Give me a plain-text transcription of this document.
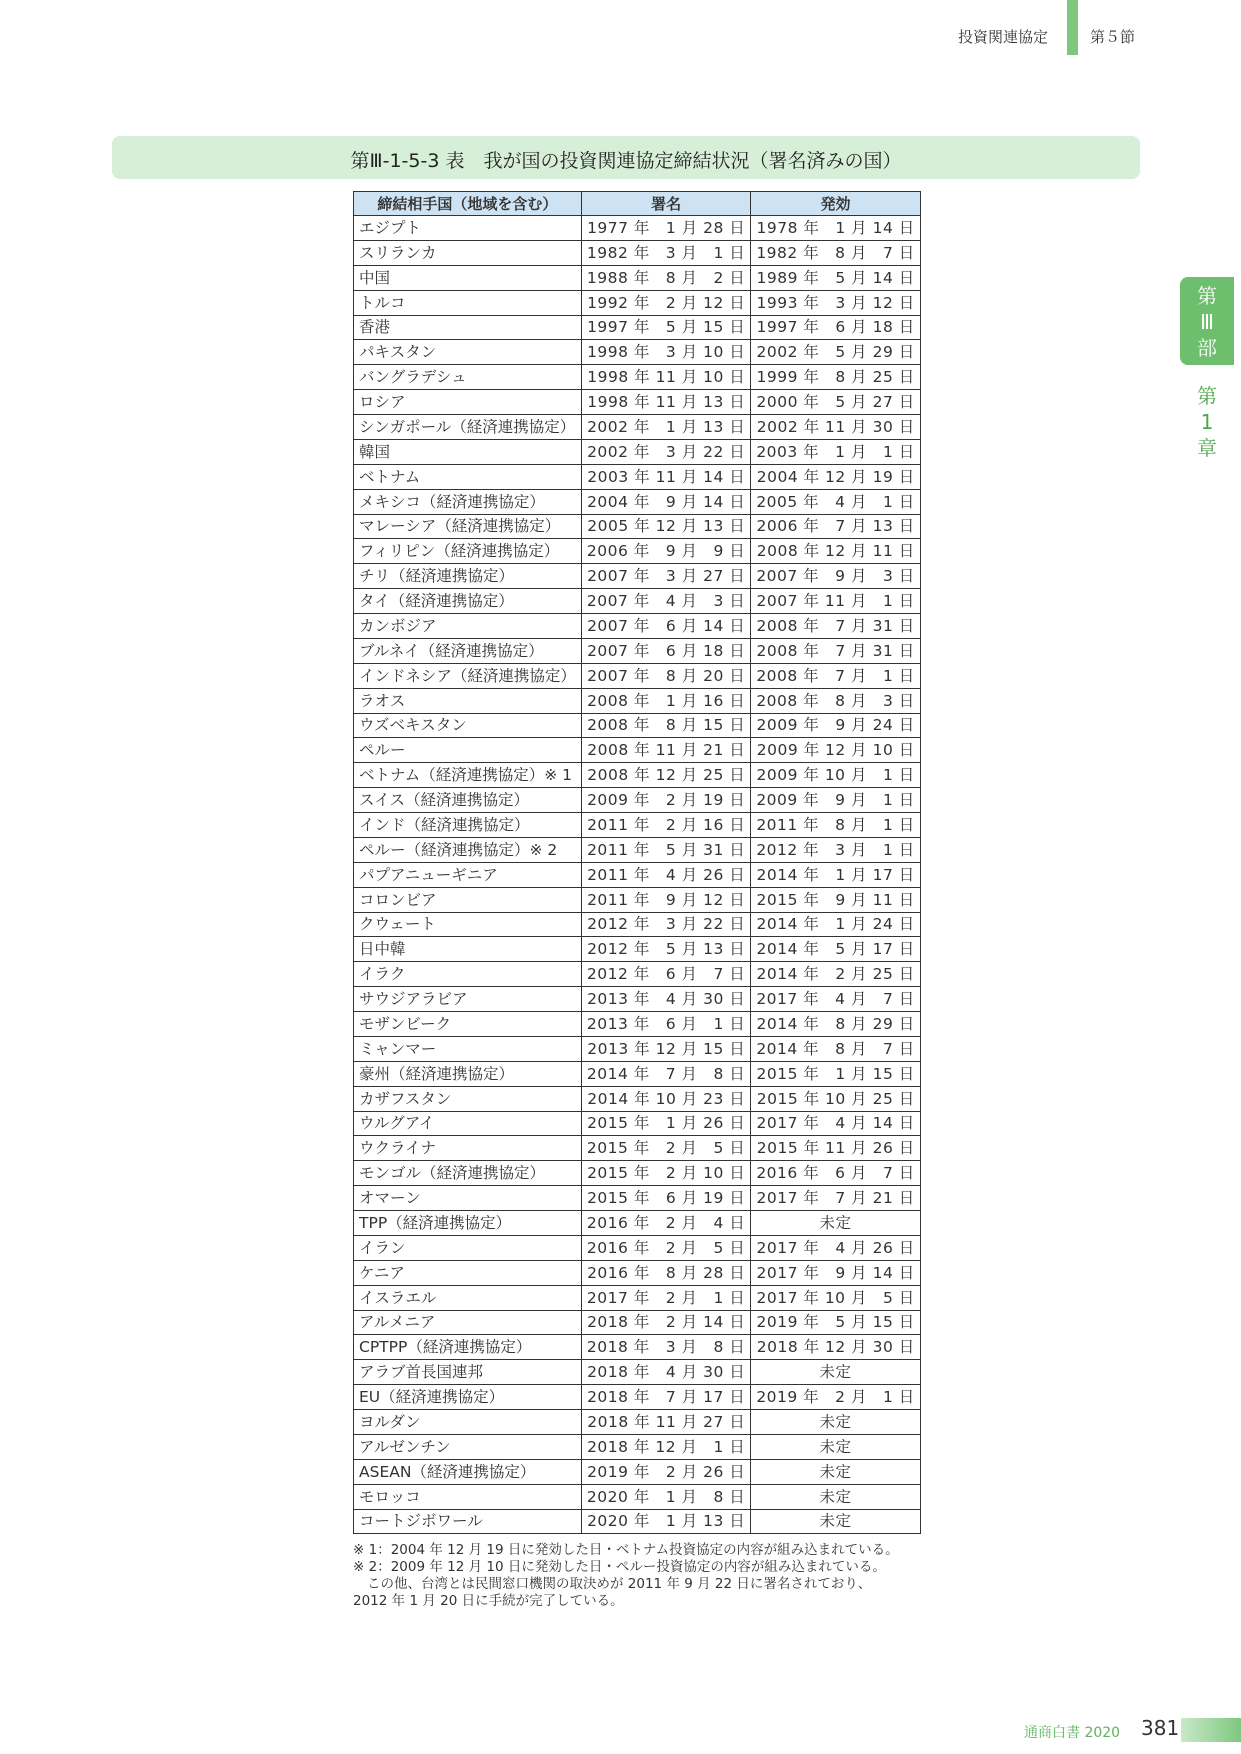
投資関連協定	第５節
第Ⅲ-1-5-3 表　我が国の投資関連協定締結状況（署名済みの国）
第
Ⅲ
部
第
1
章
締結相手国（地域を含む）	署名	発効
エジプト	1977 年　1 月 28 日	1978 年　1 月 14 日
スリランカ	1982 年　3 月　1 日	1982 年　8 月　7 日
中国	1988 年　8 月　2 日	1989 年　5 月 14 日
トルコ	1992 年　2 月 12 日	1993 年　3 月 12 日
香港	1997 年　5 月 15 日	1997 年　6 月 18 日
パキスタン	1998 年　3 月 10 日	2002 年　5 月 29 日
バングラデシュ	1998 年 11 月 10 日	1999 年　8 月 25 日
ロシア	1998 年 11 月 13 日	2000 年　5 月 27 日
シンガポール（経済連携協定）	2002 年　1 月 13 日	2002 年 11 月 30 日
韓国	2002 年　3 月 22 日	2003 年　1 月　1 日
ベトナム	2003 年 11 月 14 日	2004 年 12 月 19 日
メキシコ（経済連携協定）	2004 年　9 月 14 日	2005 年　4 月　1 日
マレーシア（経済連携協定）	2005 年 12 月 13 日	2006 年　7 月 13 日
フィリピン（経済連携協定）	2006 年　9 月　9 日	2008 年 12 月 11 日
チリ（経済連携協定）	2007 年　3 月 27 日	2007 年　9 月　3 日
タイ（経済連携協定）	2007 年　4 月　3 日	2007 年 11 月　1 日
カンボジア	2007 年　6 月 14 日	2008 年　7 月 31 日
ブルネイ（経済連携協定）	2007 年　6 月 18 日	2008 年　7 月 31 日
インドネシア（経済連携協定）	2007 年　8 月 20 日	2008 年　7 月　1 日
ラオス	2008 年　1 月 16 日	2008 年　8 月　3 日
ウズベキスタン	2008 年　8 月 15 日	2009 年　9 月 24 日
ペルー	2008 年 11 月 21 日	2009 年 12 月 10 日
ベトナム（経済連携協定）※ 1	2008 年 12 月 25 日	2009 年 10 月　1 日
スイス（経済連携協定）	2009 年　2 月 19 日	2009 年　9 月　1 日
インド（経済連携協定）	2011 年　2 月 16 日	2011 年　8 月　1 日
ペルー（経済連携協定）※ 2	2011 年　5 月 31 日	2012 年　3 月　1 日
パプアニューギニア	2011 年　4 月 26 日	2014 年　1 月 17 日
コロンビア	2011 年　9 月 12 日	2015 年　9 月 11 日
クウェート	2012 年　3 月 22 日	2014 年　1 月 24 日
日中韓	2012 年　5 月 13 日	2014 年　5 月 17 日
イラク	2012 年　6 月　7 日	2014 年　2 月 25 日
サウジアラビア	2013 年　4 月 30 日	2017 年　4 月　7 日
モザンビーク	2013 年　6 月　1 日	2014 年　8 月 29 日
ミャンマー	2013 年 12 月 15 日	2014 年　8 月　7 日
豪州（経済連携協定）	2014 年　7 月　8 日	2015 年　1 月 15 日
カザフスタン	2014 年 10 月 23 日	2015 年 10 月 25 日
ウルグアイ	2015 年　1 月 26 日	2017 年　4 月 14 日
ウクライナ	2015 年　2 月　5 日	2015 年 11 月 26 日
モンゴル（経済連携協定）	2015 年　2 月 10 日	2016 年　6 月　7 日
オマーン	2015 年　6 月 19 日	2017 年　7 月 21 日
TPP（経済連携協定）	2016 年　2 月　4 日	未定
イラン	2016 年　2 月　5 日	2017 年　4 月 26 日
ケニア	2016 年　8 月 28 日	2017 年　9 月 14 日
イスラエル	2017 年　2 月　1 日	2017 年 10 月　5 日
アルメニア	2018 年　2 月 14 日	2019 年　5 月 15 日
CPTPP（経済連携協定）	2018 年　3 月　8 日	2018 年 12 月 30 日
アラブ首長国連邦	2018 年　4 月 30 日	未定
EU（経済連携協定）	2018 年　7 月 17 日	2019 年　2 月　1 日
ヨルダン	2018 年 11 月 27 日	未定
アルゼンチン	2018 年 12 月　1 日	未定
ASEAN（経済連携協定）	2019 年　2 月 26 日	未定
モロッコ	2020 年　1 月　8 日	未定
コートジボワール	2020 年　1 月 13 日	未定

※ 1：2004 年 12 月 19 日に発効した日・ベトナム投資協定の内容が組み込まれている。

※ 2：2009 年 12 月 10 日に発効した日・ペルー投資協定の内容が組み込まれている。

この他、台湾とは民間窓口機関の取決めが 2011 年 9 月 22 日に署名されており、

2012 年 1 月 20 日に手続が完了している。

通商白書 2020 381
